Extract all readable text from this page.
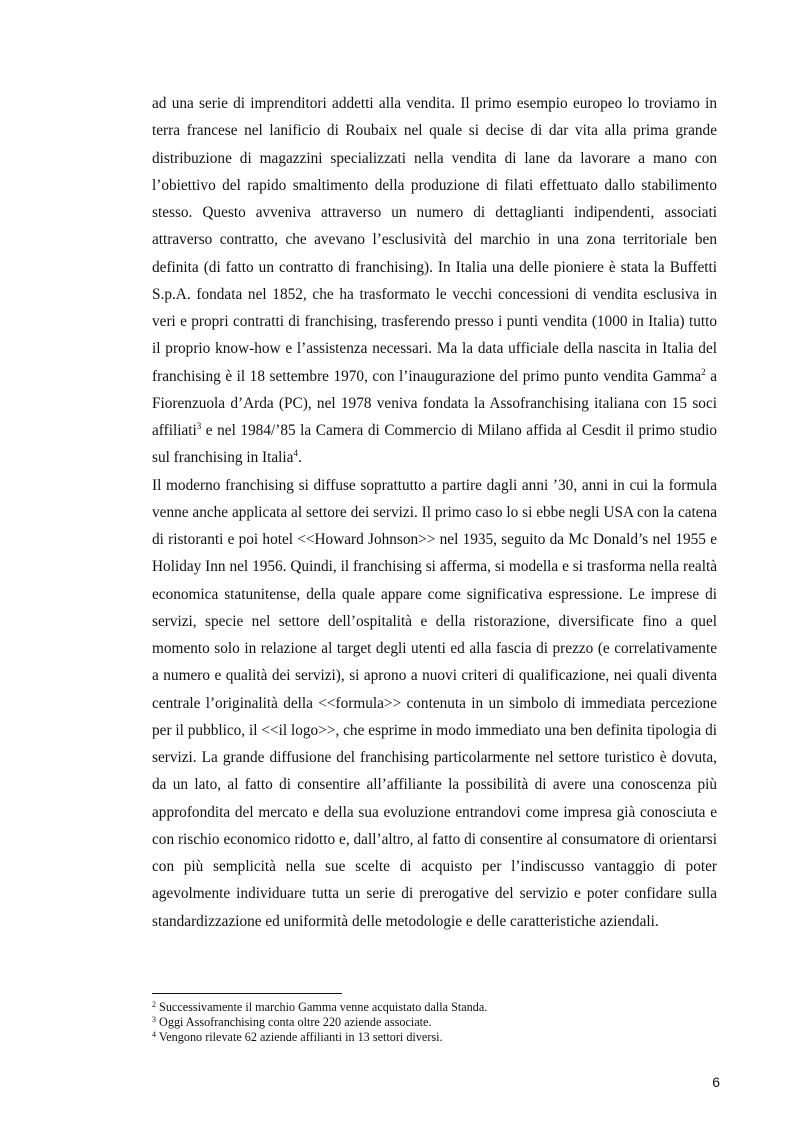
ad una serie di imprenditori addetti alla vendita. Il primo esempio europeo lo troviamo in terra francese nel lanificio di Roubaix nel quale si decise di dar vita alla prima grande distribuzione di magazzini specializzati nella vendita di lane da lavorare a mano con l’obiettivo del rapido smaltimento della produzione di filati effettuato dallo stabilimento stesso. Questo avveniva attraverso un numero di dettaglianti indipendenti, associati attraverso contratto, che avevano l’esclusività del marchio in una zona territoriale ben definita (di fatto un contratto di franchising). In Italia una delle pioniere è stata la Buffetti S.p.A. fondata nel 1852, che ha trasformato le vecchi concessioni di vendita esclusiva in veri e propri contratti di franchising, trasferendo presso i punti vendita (1000 in Italia) tutto il proprio know-how e l’assistenza necessari. Ma la data ufficiale della nascita in Italia del franchising è il 18 settembre 1970, con l’inaugurazione del primo punto vendita Gamma$^2$ a Fiorenzuola d’Arda (PC), nel 1978 veniva fondata la Assofranchising italiana con 15 soci affiliati$^3$ e nel 1984/’85 la Camera di Commercio di Milano affida al Cesdit il primo studio sul franchising in Italia$^4$.

Il moderno franchising si diffuse soprattutto a partire dagli anni ’30, anni in cui la formula venne anche applicata al settore dei servizi. Il primo caso lo si ebbe negli USA con la catena di ristoranti e poi hotel <<Howard Johnson>> nel 1935, seguito da Mc Donald’s nel 1955 e Holiday Inn nel 1956. Quindi, il franchising si afferma, si modella e si trasforma nella realtà economica statunitense, della quale appare come significativa espressione. Le imprese di servizi, specie nel settore dell’ospitalità e della ristorazione, diversificate fino a quel momento solo in relazione al target degli utenti ed alla fascia di prezzo (e correlativamente a numero e qualità dei servizi), si aprono a nuovi criteri di qualificazione, nei quali diventa centrale l’originalità della <<formula>> contenuta in un simbolo di immediata percezione per il pubblico, il <<il logo>>, che esprime in modo immediato una ben definita tipologia di servizi. La grande diffusione del franchising particolarmente nel settore turistico è dovuta, da un lato, al fatto di consentire all’affiliante la possibilità di avere una conoscenza più approfondita del mercato e della sua evoluzione entrandovi come impresa già conosciuta e con rischio economico ridotto e, dall’altro, al fatto di consentire al consumatore di orientarsi con più semplicità nella sue scelte di acquisto per l’indiscusso vantaggio di poter agevolmente individuare tutta un serie di prerogative del servizio e poter confidare sulla standardizzazione ed uniformità delle metodologie e delle caratteristiche aziendali.

$^2$ Successivamente il marchio Gamma venne acquistato dalla Standa.
$^3$ Oggi Assofranchising conta oltre 220 aziende associate.
$^4$ Vengono rilevate 62 aziende affilianti in 13 settori diversi.
6
